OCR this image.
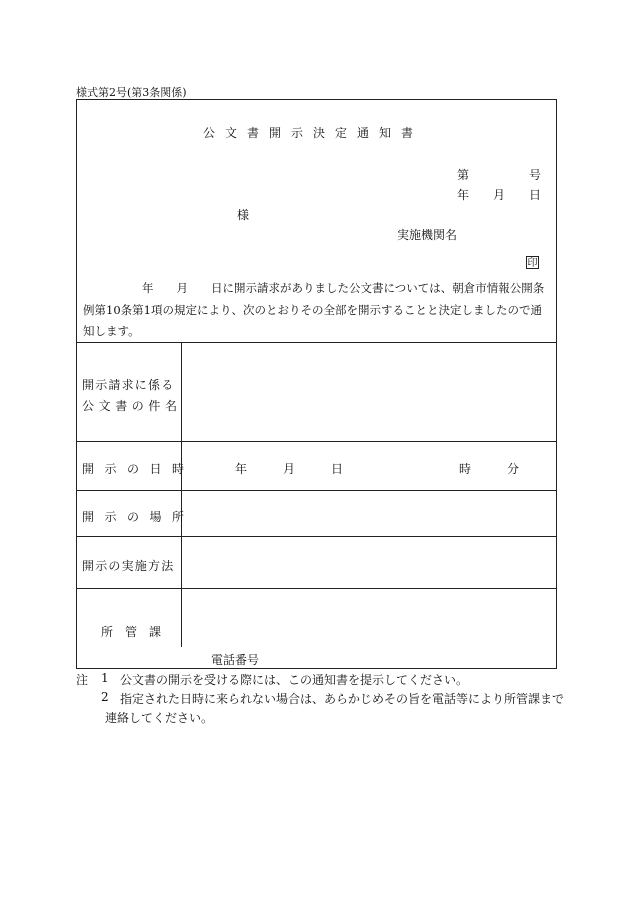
様式第2号(第3条関係)
公文書開示決定通知書
第	号
年 月 日
様
実施機関名
印
年　　月　　日に開示請求がありました公文書については、朝倉市情報公開条
例第10条第1項の規定により、次のとおりその全部を開示することと決定しましたので通
知します。
開示請求に係る
公文書の件名
開示の日時	年	月	日	時	分
開示の場所
開示の実施方法
所管課
電話番号
注 1 公文書の開示を受ける際には、この通知書を提示してください。
2 指定された日時に来られない場合は、あらかじめその旨を電話等により所管課まで
連絡してください。
